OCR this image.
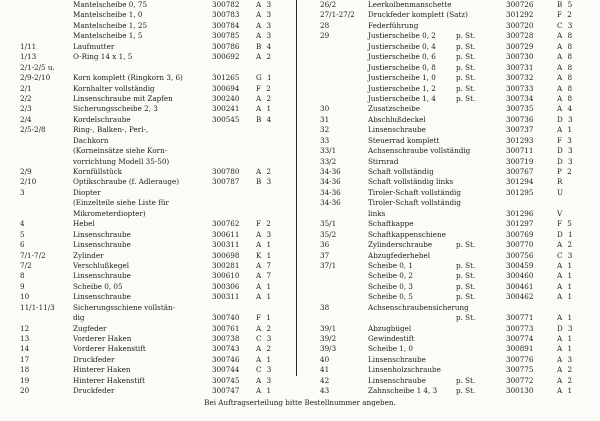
Mantelscheibe 0, 75	300782 A 3
Mantelscheibe 1, 0	300783 A 3
Mantelscheibe 1, 25	300784 A 3
Mantelscheibe 1, 5	300785 A 3
1/11	Laufmutter	300786 B 4
1/13	O-Ring 14 x 1, 5	300692 A 2
2/1-2/5 u.
2/9-2/10	Korn komplett (Ringkorn 3, 6)	301265 G 1
2/1	Kornhalter vollständig	300694 F 2
2/2	Linsenschraube mit Zapfen	300240 A 2
2/3	Sicherungsscheibe 2, 3	300241 A 1
2/4	Kordelschraube	300545 B 4
2/5-2/8	Ring-, Balken-, Perl-,
Dachkorn
(Korneinsätze siehe Korn-
vorrichtung Modell 35-50)
2/9	Kornfüllstück	300780 A 2
2/10	Optikschraube (f. Adlerauge)	300787 B 3
3	Diopter
(Einzelteile siehe Liste für
Mikrometerdiopter)
4	Hebel	300762 F 2
5	Linsenschraube	300611 A 3
6	Linsenschraube	300311 A 1
7/1-7/2	Zylinder	300698 K 1
7/2	Verschlußkegel	300281 A 7
8	Linsenschraube	300610 A 7
9	Scheibe 0, 05	300306 A 1
10	Linsenschraube	300311 A 1
11/1-11/3	Sicherungsschiene vollstän-
dig	300740 F 1
12	Zugfeder	300761 A 2
13	Vorderer Haken	300738 C 3
14	Vorderer Hakenstift	300743 A 2
17	Druckfeder	300746 A 1
18	Hinterer Haken	300744 C 3
19	Hinterer Hakenstift	300745 A 3
20	Druckfeder	300747 A 1
26/2	Leerkolbenmanschette	300726	B 5
27/1-27/2 Druckfeder komplett (Satz)	301292	F 2
28	Federführung	300720	C 3
29	Justierscheibe 0, 2	p. St.	300728	A 8
Justierscheibe 0, 4	p. St.	300729	A 8
Justierscheibe 0, 6	p. St.	300730	A 8
Justierscheibe 0, 8	p. St.	300731	A 8
Justierscheibe 1, 0	p. St.	300732	A 8
Justierscheibe 1, 2	p. St.	300733	A 8
Justierscheibe 1, 4	p. St.	300734	A 8
30	Zusatzscheibe	300735	A 4
31	Abschlußdeckel	300736	D 3
32	Linsenschraube	300737	A 1
33	Steuerrad komplett	301293	F 3
33/1	Achsenschraube vollständig	300711	D 3
33/2	Stirnrad	300719	D 3
34-36	Schaft vollständig	300767	P 2
34-36	Schaft vollständig links	301294	R
34-36	Tiroler-Schaft vollständig	301295	U
34-36	Tiroler-Schaft vollständig
links	301296	V
35/1	Schaftkappe	301297	F 5
35/2	Schaftkappenschiene	300769	D 1
36	Zylinderschraube	p. St.	300770	A 2
37	Abzugfederhebel	300756	C 3
37/1	Scheibe 0, 1	p. St.	300459	A 1
Scheibe 0, 2	p. St.	300460	A 1
Scheibe 0, 3	p. St.	300461	A 1
Scheibe 0, 5	p. St.	300462	A 1
38	Achsenschraubensicherung
p. St.	300771	A 1
39/1	Abzugbügel	300773	D 3
39/2	Gewindestift	300774	A 1
39/3	Scheibe 1, 0	300891	A 1
40	Linsenschraube	300776	A 3
41	Linsenholzschraube	300775	A 2
42	Linsenschraube	p. St.	300772	A 2
43	Zahnscheibe 1 4, 3	p. St.	300130	A 1
Bei Auftragserteilung bitte Bestellnummer angeben.
